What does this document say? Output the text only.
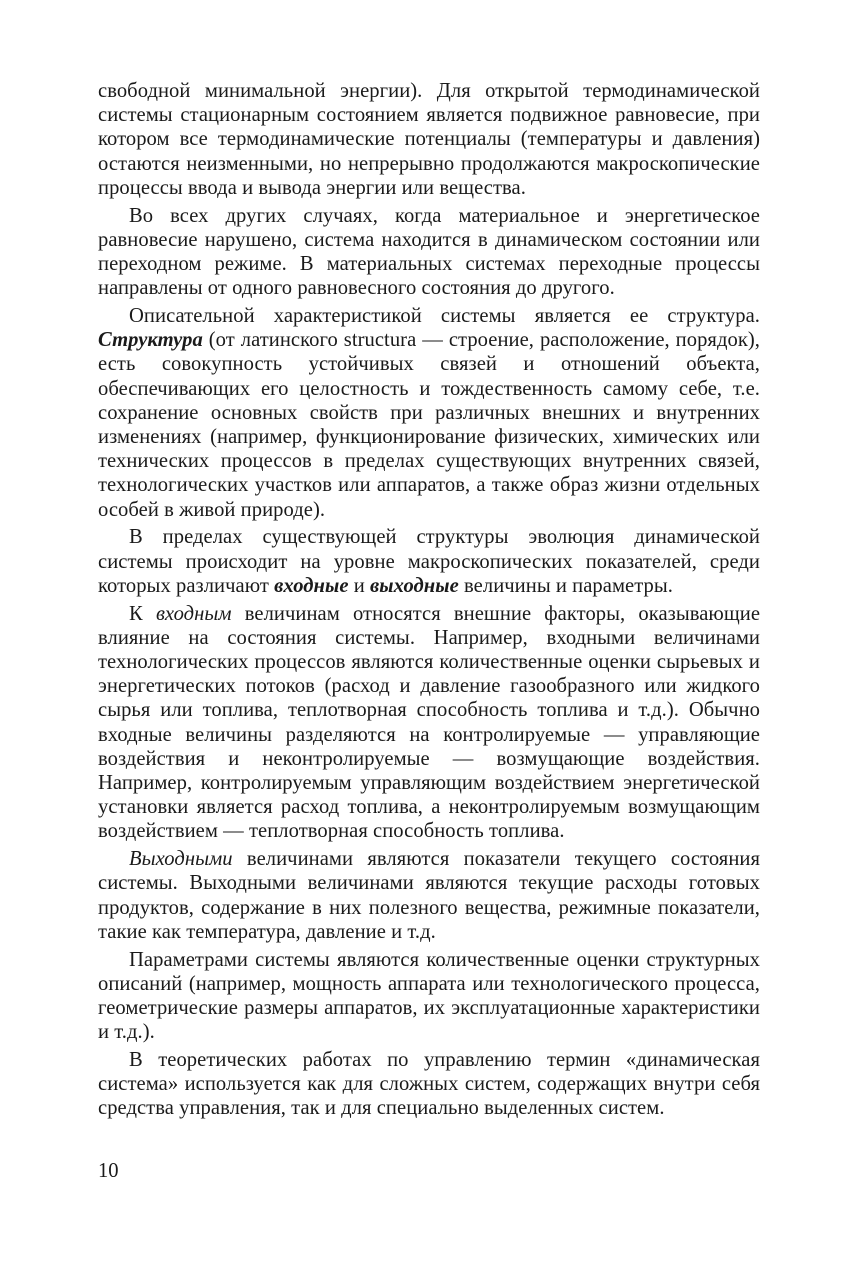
свободной минимальной энергии). Для открытой термодинамической системы стационарным состоянием является подвижное равновесие, при котором все термодинамические потенциалы (температуры и давления) остаются неизменными, но непрерывно продолжаются макроскопические процессы ввода и вывода энергии или вещества.

Во всех других случаях, когда материальное и энергетическое равновесие нарушено, система находится в динамическом состоянии или переходном режиме. В материальных системах переходные процессы направлены от одного равновесного состояния до другого.

Описательной характеристикой системы является ее структура. Структура (от латинского structura — строение, расположение, порядок), есть совокупность устойчивых связей и отношений объекта, обеспечивающих его целостность и тождественность самому себе, т.е. сохранение основных свойств при различных внешних и внутренних изменениях (например, функционирование физических, химических или технических процессов в пределах существующих внутренних связей, технологических участков или аппаратов, а также образ жизни отдельных особей в живой природе).

В пределах существующей структуры эволюция динамической системы происходит на уровне макроскопических показателей, среди которых различают входные и выходные величины и параметры.

К входным величинам относятся внешние факторы, оказывающие влияние на состояния системы. Например, входными величинами технологических процессов являются количественные оценки сырьевых и энергетических потоков (расход и давление газообразного или жидкого сырья или топлива, теплотворная способность топлива и т.д.). Обычно входные величины разделяются на контролируемые — управляющие воздействия и неконтролируемые — возмущающие воздействия. Например, контролируемым управляющим воздействием энергетической установки является расход топлива, а неконтролируемым возмущающим воздействием — теплотворная способность топлива.

Выходными величинами являются показатели текущего состояния системы. Выходными величинами являются текущие расходы готовых продуктов, содержание в них полезного вещества, режимные показатели, такие как температура, давление и т.д.

Параметрами системы являются количественные оценки структурных описаний (например, мощность аппарата или технологического процесса, геометрические размеры аппаратов, их эксплуатационные характеристики и т.д.).

В теоретических работах по управлению термин «динамическая система» используется как для сложных систем, содержащих внутри себя средства управления, так и для специально выделенных систем.

10
